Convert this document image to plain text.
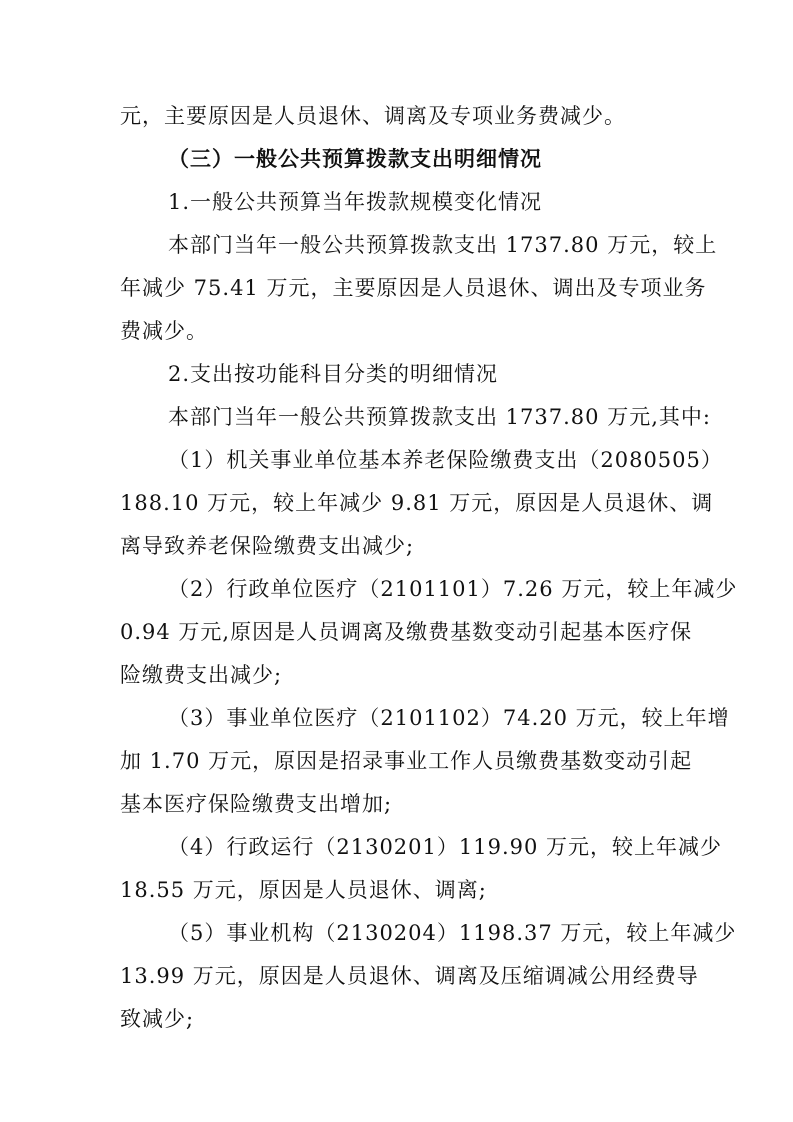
元，主要原因是人员退休、调离及专项业务费减少。
（三）一般公共预算拨款支出明细情况
1.一般公共预算当年拨款规模变化情况
本部门当年一般公共预算拨款支出 1737.80 万元，较上
年减少 75.41 万元，主要原因是人员退休、调出及专项业务
费减少。
2.支出按功能科目分类的明细情况
本部门当年一般公共预算拨款支出 1737.80 万元,其中:
（1）机关事业单位基本养老保险缴费支出（2080505）
188.10 万元，较上年减少 9.81 万元，原因是人员退休、调
离导致养老保险缴费支出减少;
（2）行政单位医疗（2101101）7.26 万元，较上年减少
0.94 万元,原因是人员调离及缴费基数变动引起基本医疗保
险缴费支出减少;
（3）事业单位医疗（2101102）74.20 万元，较上年增
加 1.70 万元，原因是招录事业工作人员缴费基数变动引起
基本医疗保险缴费支出增加;
（4）行政运行（2130201）119.90 万元，较上年减少
18.55 万元，原因是人员退休、调离;
（5）事业机构（2130204）1198.37 万元，较上年减少
13.99 万元，原因是人员退休、调离及压缩调减公用经费导
致减少;
